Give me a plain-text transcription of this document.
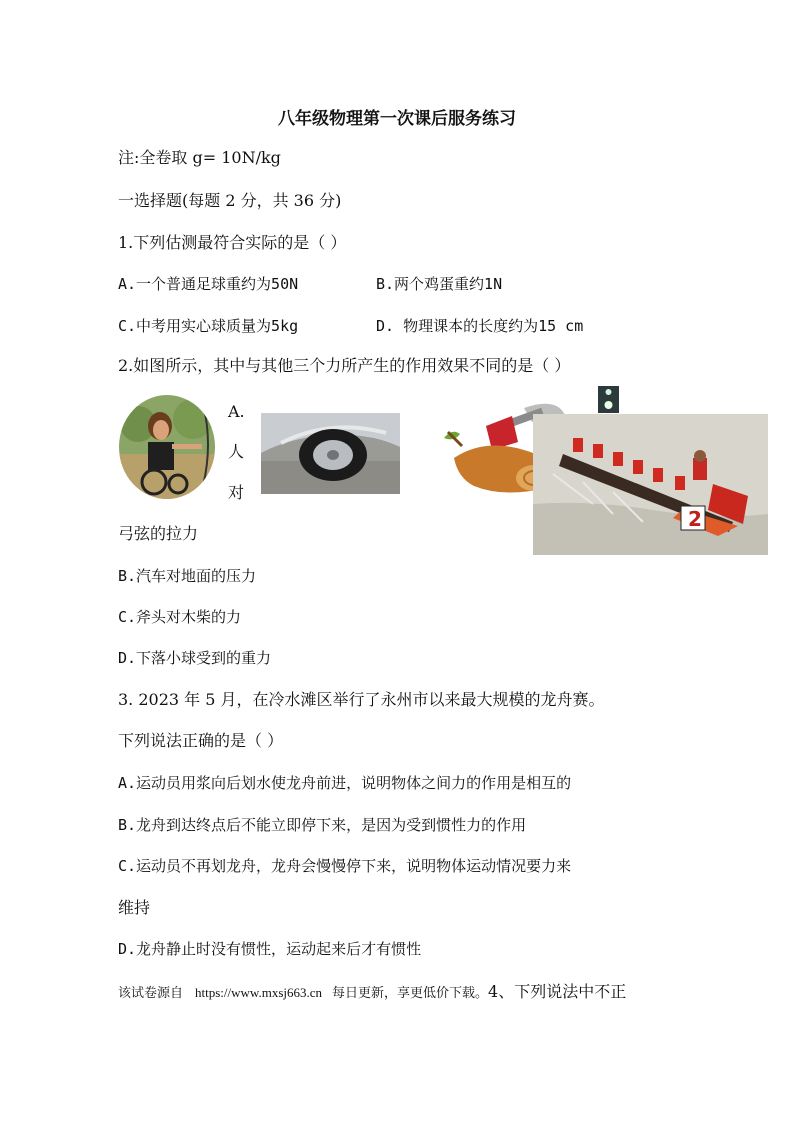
八年级物理第一次课后服务练习
注:全卷取 g= 10N/kg
一选择题(每题 2 分，共 36 分)
1.下列估测最符合实际的是（ ）
A.一个普通足球重约为50N	B.两个鸡蛋重约1N
C.中考用实心球质量为5kg	D. 物理课本的长度约为15 cm
2.如图所示，其中与其他三个力所产生的作用效果不同的是（ ）
A.
人
对
2
弓弦的拉力
B.汽车对地面的压力
C.斧头对木柴的力
D.下落小球受到的重力
3. 2023 年 5 月，在冷水滩区举行了永州市以来最大规模的龙舟赛。
下列说法正确的是（ ）
A.运动员用浆向后划水使龙舟前进，说明物体之间力的作用是相互的
B.龙舟到达终点后不能立即停下来，是因为受到惯性力的作用
C.运动员不再划龙舟，龙舟会慢慢停下来，说明物体运动情况要力来
维持
D.龙舟静止时没有惯性，运动起来后才有惯性
该试卷源自 https://www.mxsj663.cn 每日更新，享更低价下载。4、下列说法中不正
